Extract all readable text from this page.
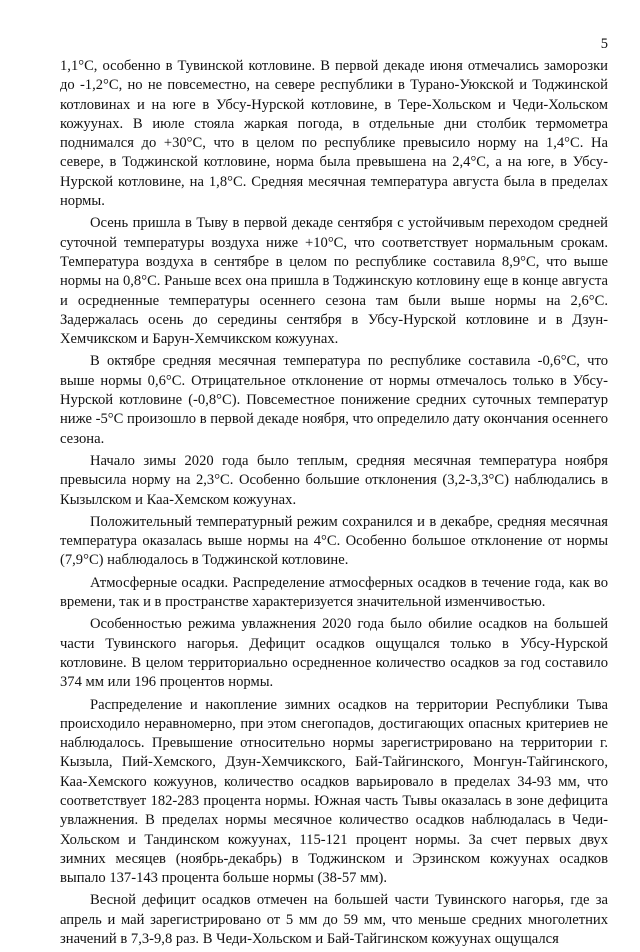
5

1,1°С, особенно в Тувинской котловине. В первой декаде июня отмечались заморозки до -1,2°С, но не повсеместно, на севере республики в Турано-Уюкской и Тоджинской котловинах и на юге в Убсу-Нурской котловине, в Тере-Хольском и Чеди-Хольском кожуунах. В июле стояла жаркая погода, в отдельные дни столбик термометра поднимался до +30°С, что в целом по республике превысило норму на 1,4°С. На севере, в Тоджинской котловине, норма была превышена на 2,4°С, а на юге, в Убсу-Нурской котловине, на 1,8°С. Средняя месячная температура августа была в пределах нормы.

Осень пришла в Тыву в первой декаде сентября с устойчивым переходом средней суточной температуры воздуха ниже +10°С, что соответствует нормальным срокам. Температура воздуха в сентябре в целом по республике составила 8,9°С, что выше нормы на 0,8°С. Раньше всех она пришла в Тоджинскую котловину еще в конце августа и осредненные температуры осеннего сезона там были выше нормы на 2,6°С. Задержалась осень до середины сентября в Убсу-Нурской котловине и в Дзун-Хемчикском и Барун-Хемчикском кожуунах.

В октябре средняя месячная температура по республике составила -0,6°С, что выше нормы 0,6°С. Отрицательное отклонение от нормы отмечалось только в Убсу-Нурской котловине (-0,8°С). Повсеместное понижение средних суточных температур ниже -5°С произошло в первой декаде ноября, что определило дату окончания осеннего сезона.

Начало зимы 2020 года было теплым, средняя месячная температура ноября превысила норму на 2,3°С. Особенно большие отклонения (3,2-3,3°С) наблюдались в Кызылском и Каа-Хемском кожуунах.

Положительный температурный режим сохранился и в декабре, средняя месячная температура оказалась выше нормы на 4°С. Особенно большое отклонение от нормы (7,9°С) наблюдалось в Тоджинской котловине.

Атмосферные осадки. Распределение атмосферных осадков в течение года, как во времени, так и в пространстве характеризуется значительной изменчивостью.

Особенностью режима увлажнения 2020 года было обилие осадков на большей части Тувинского нагорья. Дефицит осадков ощущался только в Убсу-Нурской котловине. В целом территориально осредненное количество осадков за год составило 374 мм или 196 процентов нормы.

Распределение и накопление зимних осадков на территории Республики Тыва происходило неравномерно, при этом снегопадов, достигающих опасных критериев не наблюдалось. Превышение относительно нормы зарегистрировано на территории г. Кызыла, Пий-Хемского, Дзун-Хемчикского, Бай-Тайгинского, Монгун-Тайгинского, Каа-Хемского кожуунов, количество осадков варьировало в пределах 34-93 мм, что соответствует 182-283 процента нормы. Южная часть Тывы оказалась в зоне дефицита увлажнения. В пределах нормы месячное количество осадков наблюдалась в Чеди-Хольском и Тандинском кожуунах, 115-121 процент нормы. За счет первых двух зимних месяцев (ноябрь-декабрь) в Тоджинском и Эрзинском кожуунах осадков выпало 137-143 процента больше нормы (38-57 мм).

Весной дефицит осадков отмечен на большей части Тувинского нагорья, где за апрель и май зарегистрировано от 5 мм до 59 мм, что меньше средних многолетних значений в 7,3-9,8 раз. В Чеди-Хольском и Бай-Тайгинском кожуунах ощущался
